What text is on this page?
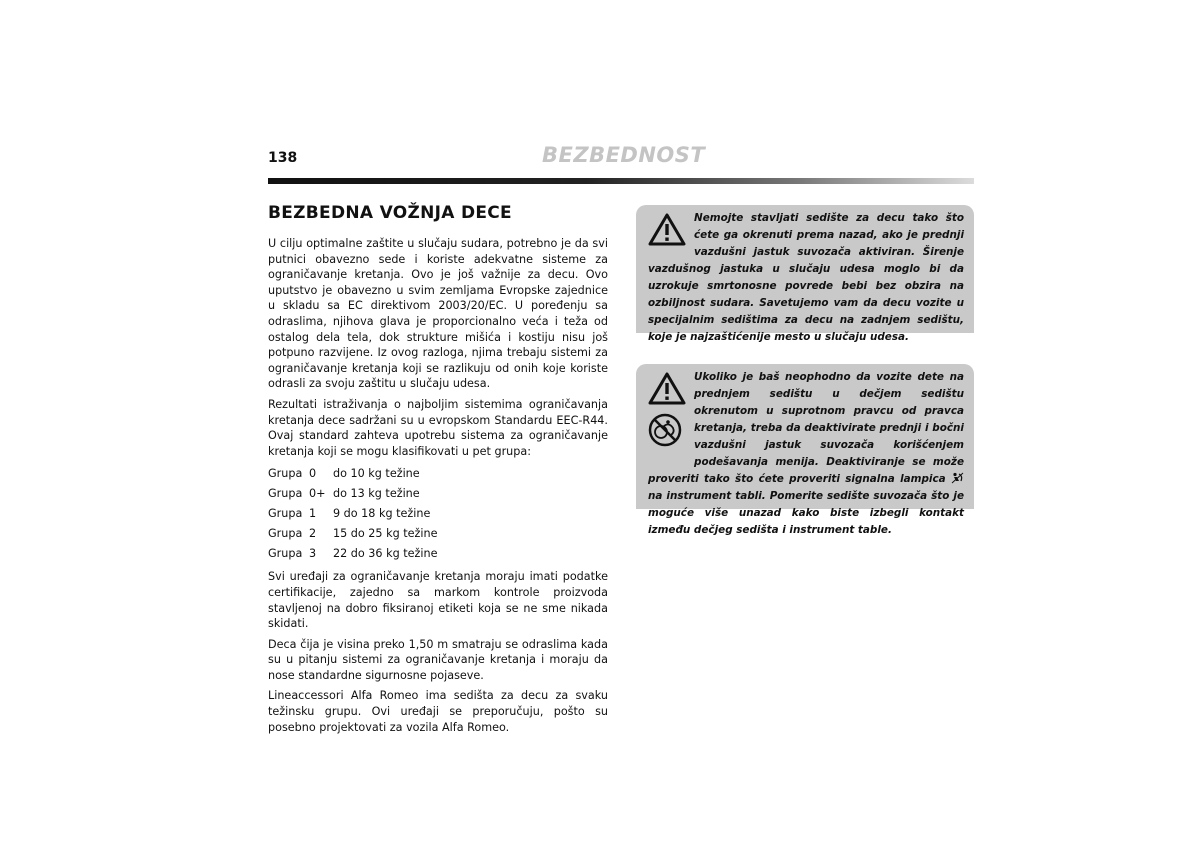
138	BEZBEDNOST
BEZBEDNA VOŽNJA DECE

U cilju optimalne zaštite u slučaju sudara, potrebno je da svi putnici obavezno sede i koriste adekvatne sisteme za ograničavanje kretanja. Ovo je još važnije za decu. Ovo uputstvo je obavezno u svim zemljama Evropske zajednice u skladu sa EC direktivom 2003/20/EC. U poređenju sa odraslima, njihova glava je proporcionalno veća i teža od ostalog dela tela, dok strukture mišića i kostiju nisu još potpuno razvijene. Iz ovog razloga, njima trebaju sistemi za ograničavanje kretanja koji se razlikuju od onih koje koriste odrasli za svoju zaštitu u slučaju udesa.

Rezultati istraživanja o najboljim sistemima ograničavanja kretanja dece sadržani su u evropskom Standardu EEC-R44. Ovaj standard zahteva upotrebu sistema za ograničavanje kretanja koji se mogu klasifikovati u pet grupa:

Grupa 0	do 10 kg težine
Grupa 0+ do 13 kg težine
Grupa 1	9 do 18 kg težine
Grupa 2	15 do 25 kg težine
Grupa 3	22 do 36 kg težine

Svi uređaji za ograničavanje kretanja moraju imati podatke certifikacije, zajedno sa markom kontrole proizvoda stavljenoj na dobro fiksiranoj etiketi koja se ne sme nikada skidati.

Deca čija je visina preko 1,50 m smatraju se odraslima kada su u pitanju sistemi za ograničavanje kretanja i moraju da nose standardne sigurnosne pojaseve.

Lineaccessori Alfa Romeo ima sedišta za decu za svaku težinsku grupu. Ovi uređaji se preporučuju, pošto su posebno projektovati za vozila Alfa Romeo.

Nemojte stavljati sedište za decu tako što ćete ga okrenuti prema nazad, ako je prednji vazdušni jastuk suvozača aktiviran. Širenje vazdušnog jastuka u slučaju udesa moglo bi da uzrokuje smrtonosne povrede bebi bez obzira na ozbiljnost sudara. Savetujemo vam da decu vozite u specijalnim sedištima za decu na zadnjem sedištu, koje je najzaštićenije mesto u slučaju udesa.
Ukoliko je baš neophodno da vozite dete na prednjem sedištu u dečjem sedištu okrenutom u suprotnom pravcu od pravca kretanja, treba da deaktivirate prednji i bočni vazdušni jastuk suvozača korišćenjem podešavanja menija. Deaktiviranje se može proveriti tako što ćete proveriti signalna lampica  na instrument tabli. Pomerite sedište suvozača što je moguće više unazad kako biste izbegli kontakt između dečjeg sedišta i instrument table.
